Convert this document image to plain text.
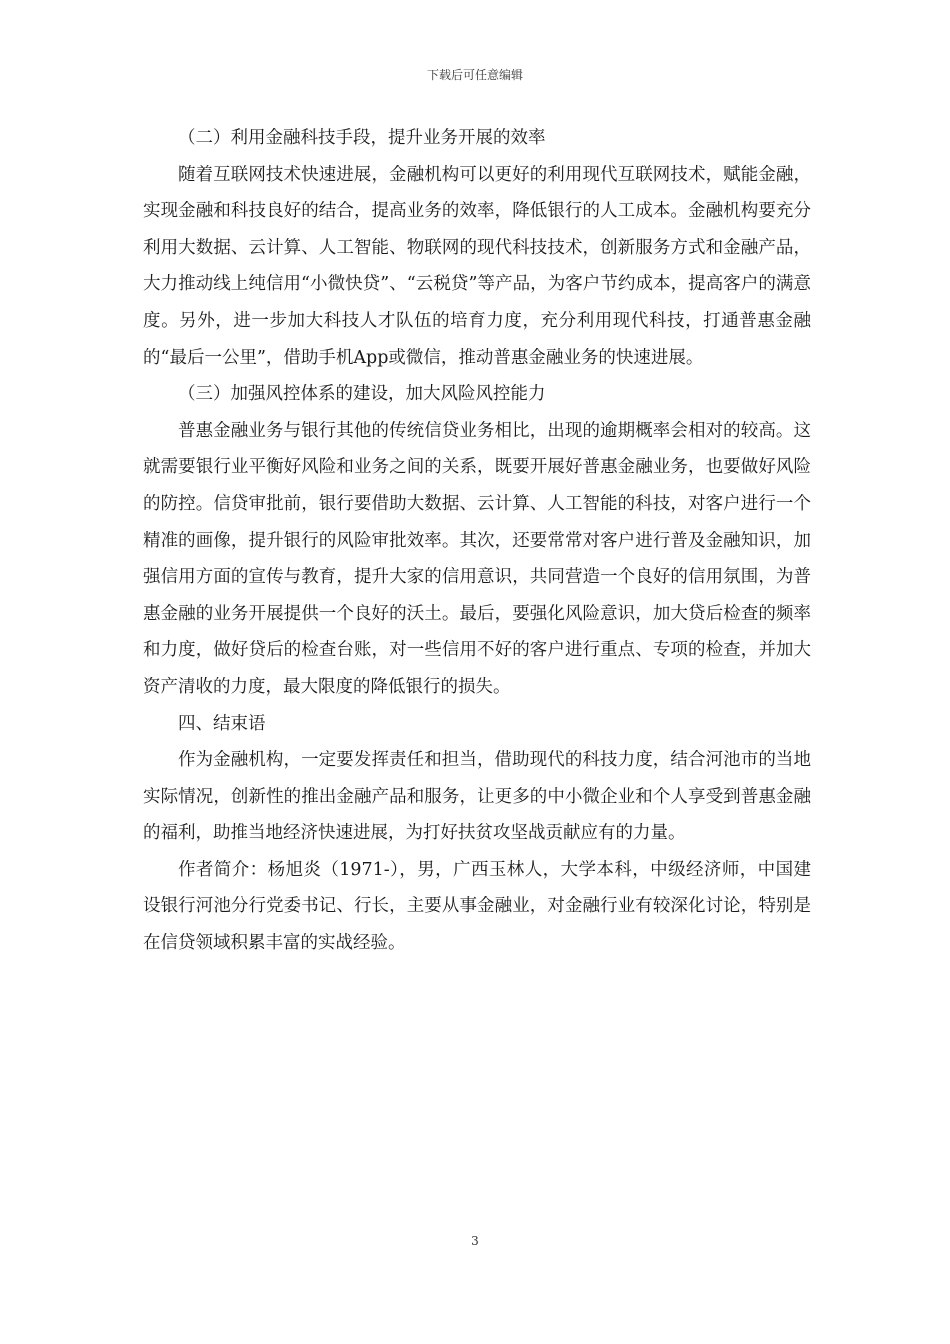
下载后可任意编辑

（二）利用金融科技手段，提升业务开展的效率

随着互联网技术快速进展，金融机构可以更好的利用现代互联网技术，赋能金融，实现金融和科技良好的结合，提高业务的效率，降低银行的人工成本。金融机构要充分利用大数据、云计算、人工智能、物联网的现代科技技术，创新服务方式和金融产品，大力推动线上纯信用“小微快贷”、“云税贷”等产品，为客户节约成本，提高客户的满意度。另外，进一步加大科技人才队伍的培育力度，充分利用现代科技，打通普惠金融的“最后一公里”，借助手机App或微信，推动普惠金融业务的快速进展。

（三）加强风控体系的建设，加大风险风控能力

普惠金融业务与银行其他的传统信贷业务相比，出现的逾期概率会相对的较高。这就需要银行业平衡好风险和业务之间的关系，既要开展好普惠金融业务，也要做好风险的防控。信贷审批前，银行要借助大数据、云计算、人工智能的科技，对客户进行一个精准的画像，提升银行的风险审批效率。其次，还要常常对客户进行普及金融知识，加强信用方面的宣传与教育，提升大家的信用意识，共同营造一个良好的信用氛围，为普惠金融的业务开展提供一个良好的沃土。最后，要强化风险意识，加大贷后检查的频率和力度，做好贷后的检查台账，对一些信用不好的客户进行重点、专项的检查，并加大资产清收的力度，最大限度的降低银行的损失。

四、结束语

作为金融机构，一定要发挥责任和担当，借助现代的科技力度，结合河池市的当地实际情况，创新性的推出金融产品和服务，让更多的中小微企业和个人享受到普惠金融的福利，助推当地经济快速进展，为打好扶贫攻坚战贡献应有的力量。

作者简介：杨旭炎（1971-），男，广西玉林人，大学本科，中级经济师，中国建设银行河池分行党委书记、行长，主要从事金融业，对金融行业有较深化讨论，特别是在信贷领域积累丰富的实战经验。

3
